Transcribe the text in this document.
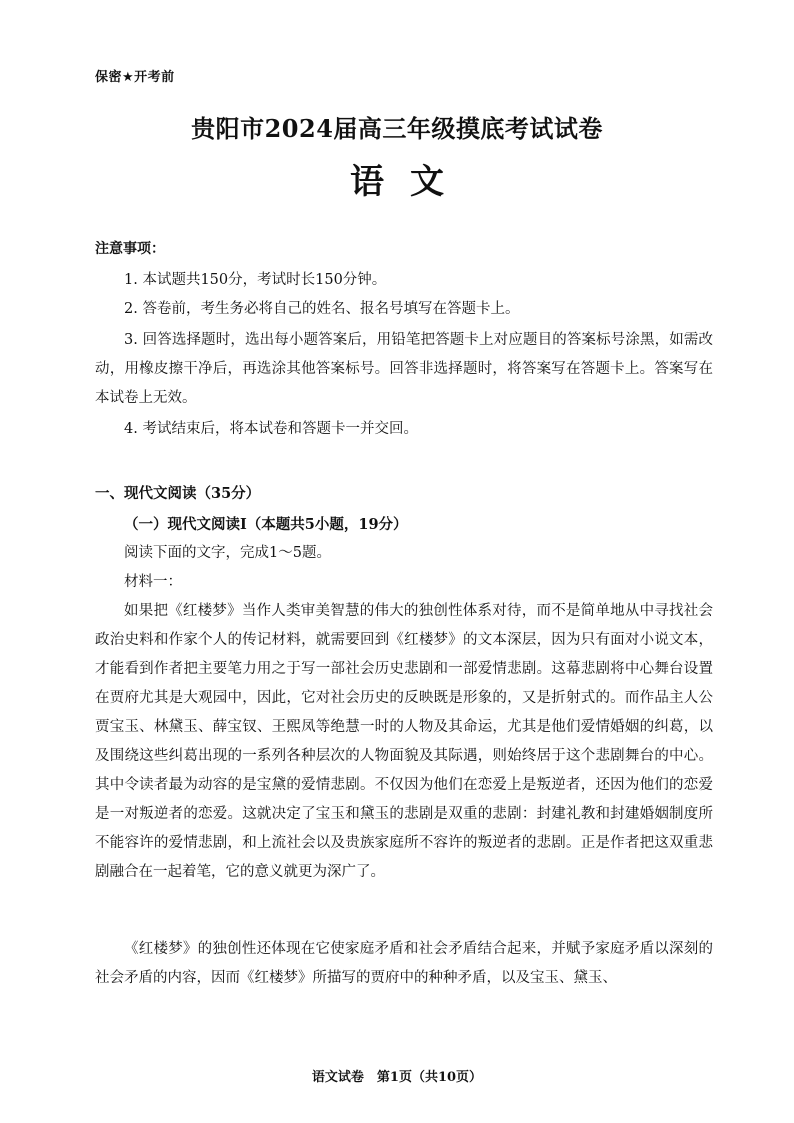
保密★开考前
贵阳市2024届高三年级摸底考试试卷
语文
注意事项：
1. 本试题共150分，考试时长150分钟。
2. 答卷前，考生务必将自己的姓名、报名号填写在答题卡上。

3. 回答选择题时，选出每小题答案后，用铅笔把答题卡上对应题目的答案标号涂黑，如需改动，用橡皮擦干净后，再选涂其他答案标号。回答非选择题时，将答案写在答题卡上。答案写在本试卷上无效。

4. 考试结束后，将本试卷和答题卡一并交回。
一、现代文阅读（35分）
（一）现代文阅读Ⅰ（本题共5小题，19分）
阅读下面的文字，完成1～5题。
材料一：

如果把《红楼梦》当作人类审美智慧的伟大的独创性体系对待，而不是简单地从中寻找社会政治史料和作家个人的传记材料，就需要回到《红楼梦》的文本深层，因为只有面对小说文本，才能看到作者把主要笔力用之于写一部社会历史悲剧和一部爱情悲剧。这幕悲剧将中心舞台设置在贾府尤其是大观园中，因此，它对社会历史的反映既是形象的，又是折射式的。而作品主人公贾宝玉、林黛玉、薛宝钗、王熙凤等绝慧一时的人物及其命运，尤其是他们爱情婚姻的纠葛，以及围绕这些纠葛出现的一系列各种层次的人物面貌及其际遇，则始终居于这个悲剧舞台的中心。其中令读者最为动容的是宝黛的爱情悲剧。不仅因为他们在恋爱上是叛逆者，还因为他们的恋爱是一对叛逆者的恋爱。这就决定了宝玉和黛玉的悲剧是双重的悲剧：封建礼教和封建婚姻制度所不能容许的爱情悲剧，和上流社会以及贵族家庭所不容许的叛逆者的悲剧。正是作者把这双重悲剧融合在一起着笔，它的意义就更为深广了。

《红楼梦》的独创性还体现在它使家庭矛盾和社会矛盾结合起来，并赋予家庭矛盾以深刻的社会矛盾的内容，因而《红楼梦》所描写的贾府中的种种矛盾，以及宝玉、黛玉、

语文试卷　第1页（共10页）
